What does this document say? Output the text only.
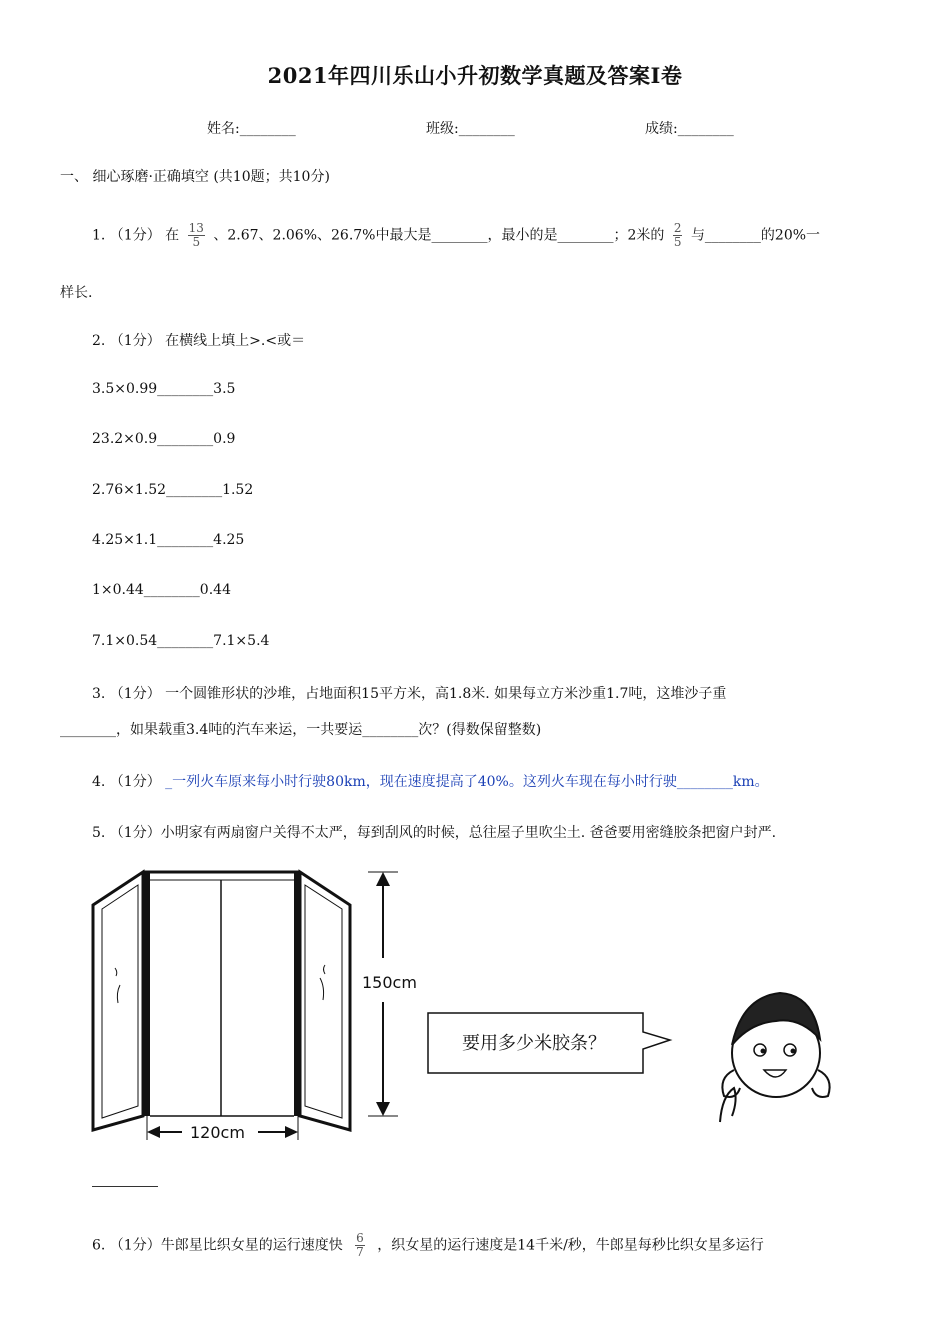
2021年四川乐山小升初数学真题及答案I卷
姓名:________	班级:________	成绩:________
一、 细心琢磨·正确填空 (共10题；共10分)
1. （1分） 在 $\frac{13}{5}$ 、2.67、2.06%、26.7%中最大是________，最小的是________；2米的 $\frac{2}{5}$ 与________的20%一
样长.
2. （1分） 在横线上填上>.<或＝
3.5×0.99________3.5
23.2×0.9________0.9
2.76×1.52________1.52
4.25×1.1________4.25
1×0.44________0.44
7.1×0.54________7.1×5.4
3. （1分） 一个圆锥形状的沙堆，占地面积15平方米，高1.8米. 如果每立方米沙重1.7吨，这堆沙子重
________，如果载重3.4吨的汽车来运，一共要运________次？(得数保留整数)
4. （1分） _一列火车原来每小时行驶80km，现在速度提高了40%。这列火车现在每小时行驶________km。
5. （1分）小明家有两扇窗户关得不太严，每到刮风的时候，总往屋子里吹尘土. 爸爸要用密缝胶条把窗户封严.
150cm
120cm
要用多少米胶条？
6. （1分）牛郎星比织女星的运行速度快 $\frac{6}{7}$ ，织女星的运行速度是14千米/秒，牛郎星每秒比织女星多运行
